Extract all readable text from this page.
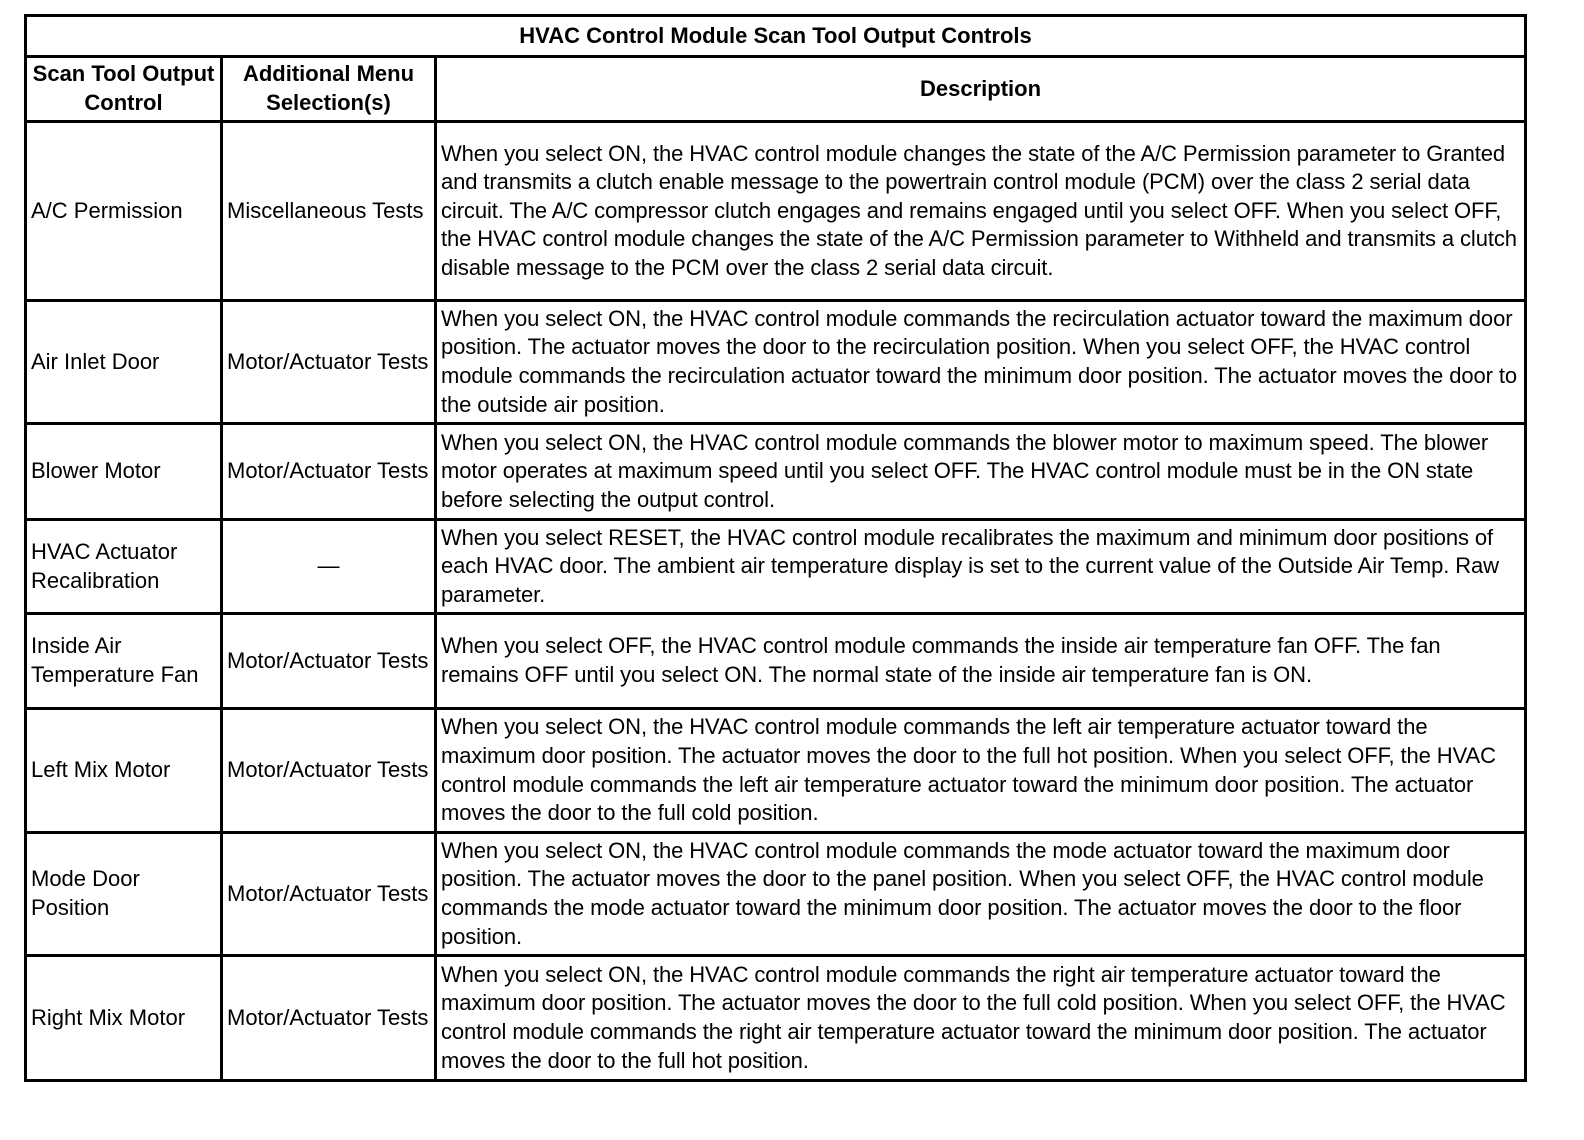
HVAC Control Module Scan Tool Output Controls		
Scan Tool Output Control	Additional Menu Selection(s)	Description
A/C Permission	Miscellaneous Tests	When you select ON, the HVAC control module changes the state of the A/C Permission parameter to Granted and transmits a clutch enable message to the powertrain control module (PCM) over the class 2 serial data circuit. The A/C compressor clutch engages and remains engaged until you select OFF. When you select OFF, the HVAC control module changes the state of the A/C Permission parameter to Withheld and transmits a clutch disable message to the PCM over the class 2 serial data circuit.
Air Inlet Door	Motor/Actuator Tests	When you select ON, the HVAC control module commands the recirculation actuator toward the maximum door position. The actuator moves the door to the recirculation position. When you select OFF, the HVAC control module commands the recirculation actuator toward the minimum door position. The actuator moves the door to the outside air position.
Blower Motor	Motor/Actuator Tests	When you select ON, the HVAC control module commands the blower motor to maximum speed. The blower motor operates at maximum speed until you select OFF. The HVAC control module must be in the ON state before selecting the output control.
HVAC Actuator Recalibration	—	When you select RESET, the HVAC control module recalibrates the maximum and minimum door positions of each HVAC door. The ambient air temperature display is set to the current value of the Outside Air Temp. Raw parameter.
Inside Air Temperature Fan	Motor/Actuator Tests	When you select OFF, the HVAC control module commands the inside air temperature fan OFF. The fan remains OFF until you select ON. The normal state of the inside air temperature fan is ON.
Left Mix Motor	Motor/Actuator Tests	When you select ON, the HVAC control module commands the left air temperature actuator toward the maximum door position. The actuator moves the door to the full hot position. When you select OFF, the HVAC control module commands the left air temperature actuator toward the minimum door position. The actuator moves the door to the full cold position.
Mode Door Position	Motor/Actuator Tests	When you select ON, the HVAC control module commands the mode actuator toward the maximum door position. The actuator moves the door to the panel position. When you select OFF, the HVAC control module commands the mode actuator toward the minimum door position. The actuator moves the door to the floor position.
Right Mix Motor	Motor/Actuator Tests	When you select ON, the HVAC control module commands the right air temperature actuator toward the maximum door position. The actuator moves the door to the full cold position. When you select OFF, the HVAC control module commands the right air temperature actuator toward the minimum door position. The actuator moves the door to the full hot position.
